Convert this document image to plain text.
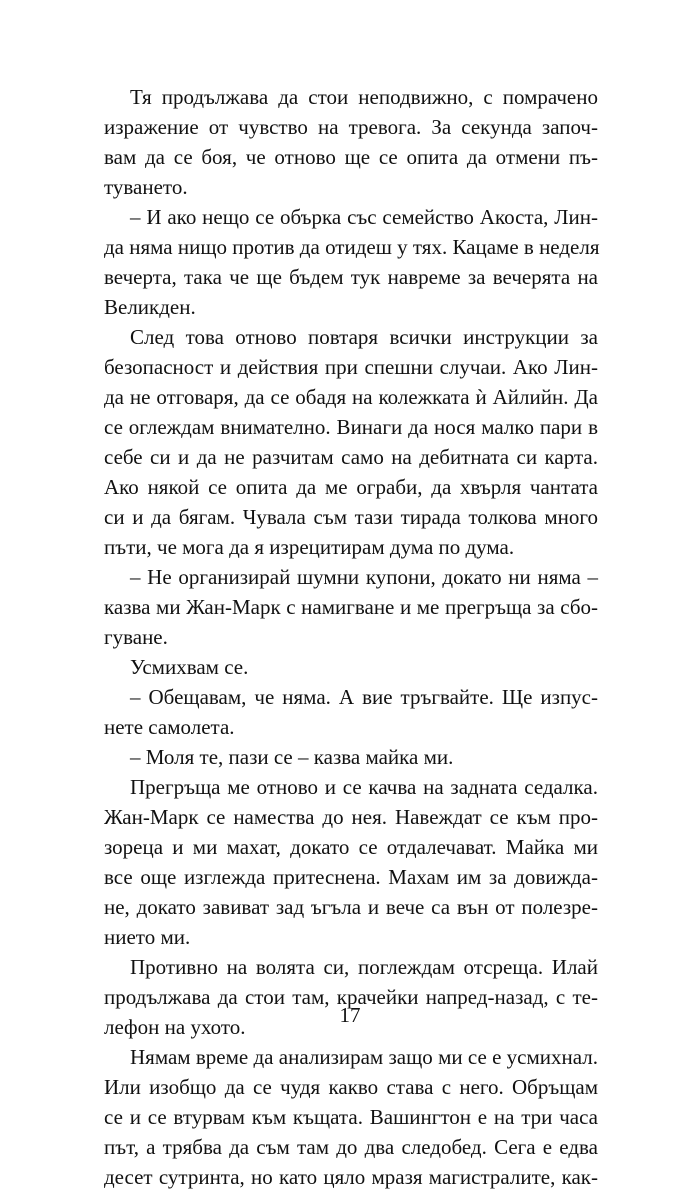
Тя продължава да стои неподвижно, с помрачено
изражение от чувство на тревога. За секунда започ-
вам да се боя, че отново ще се опита да отмени пъ-
туването.
– И ако нещо се обърка със семейство Акоста, Лин-
да няма нищо против да отидеш у тях. Кацаме в неделя
вечерта, така че ще бъдем тук навреме за вечерята на
Великден.
След това отново повтаря всички инструкции за
безопасност и действия при спешни случаи. Ако Лин-
да не отговаря, да се обадя на колежката ѝ Айлийн. Да
се оглеждам внимателно. Винаги да нося малко пари в
себе си и да не разчитам само на дебитната си карта.
Ако някой се опита да ме ограби, да хвърля чантата
си и да бягам. Чувала съм тази тирада толкова много
пъти, че мога да я изрецитирам дума по дума.
– Не организирай шумни купони, докато ни няма –
казва ми Жан-Марк с намигване и ме прегръща за сбо-
гуване.
Усмихвам се.
– Обещавам, че няма. А вие тръгвайте. Ще изпус-
нете самолета.
– Моля те, пази се – казва майка ми.
Прегръща ме отново и се качва на задната седалка.
Жан-Марк се намества до нея. Навеждат се към про-
зореца и ми махат, докато се отдалечават. Майка ми
все още изглежда притеснена. Махам им за довиждa-
не, докато завиват зад ъгъла и вече са вън от полезре-
нието ми.
Противно на волята си, поглеждам отсреща. Илай
продължава да стои там, крачейки напред-назад, с те-
лефон на ухото.
Нямам време да анализирам защо ми се е усмихнал.
Или изобщо да се чудя какво става с него. Обръщам
се и се втурвам към къщата. Вашингтон е на три часа
път, а трябва да съм там до два следобед. Сега е едва
десет сутринта, но като цяло мразя магистралите, как-
17
